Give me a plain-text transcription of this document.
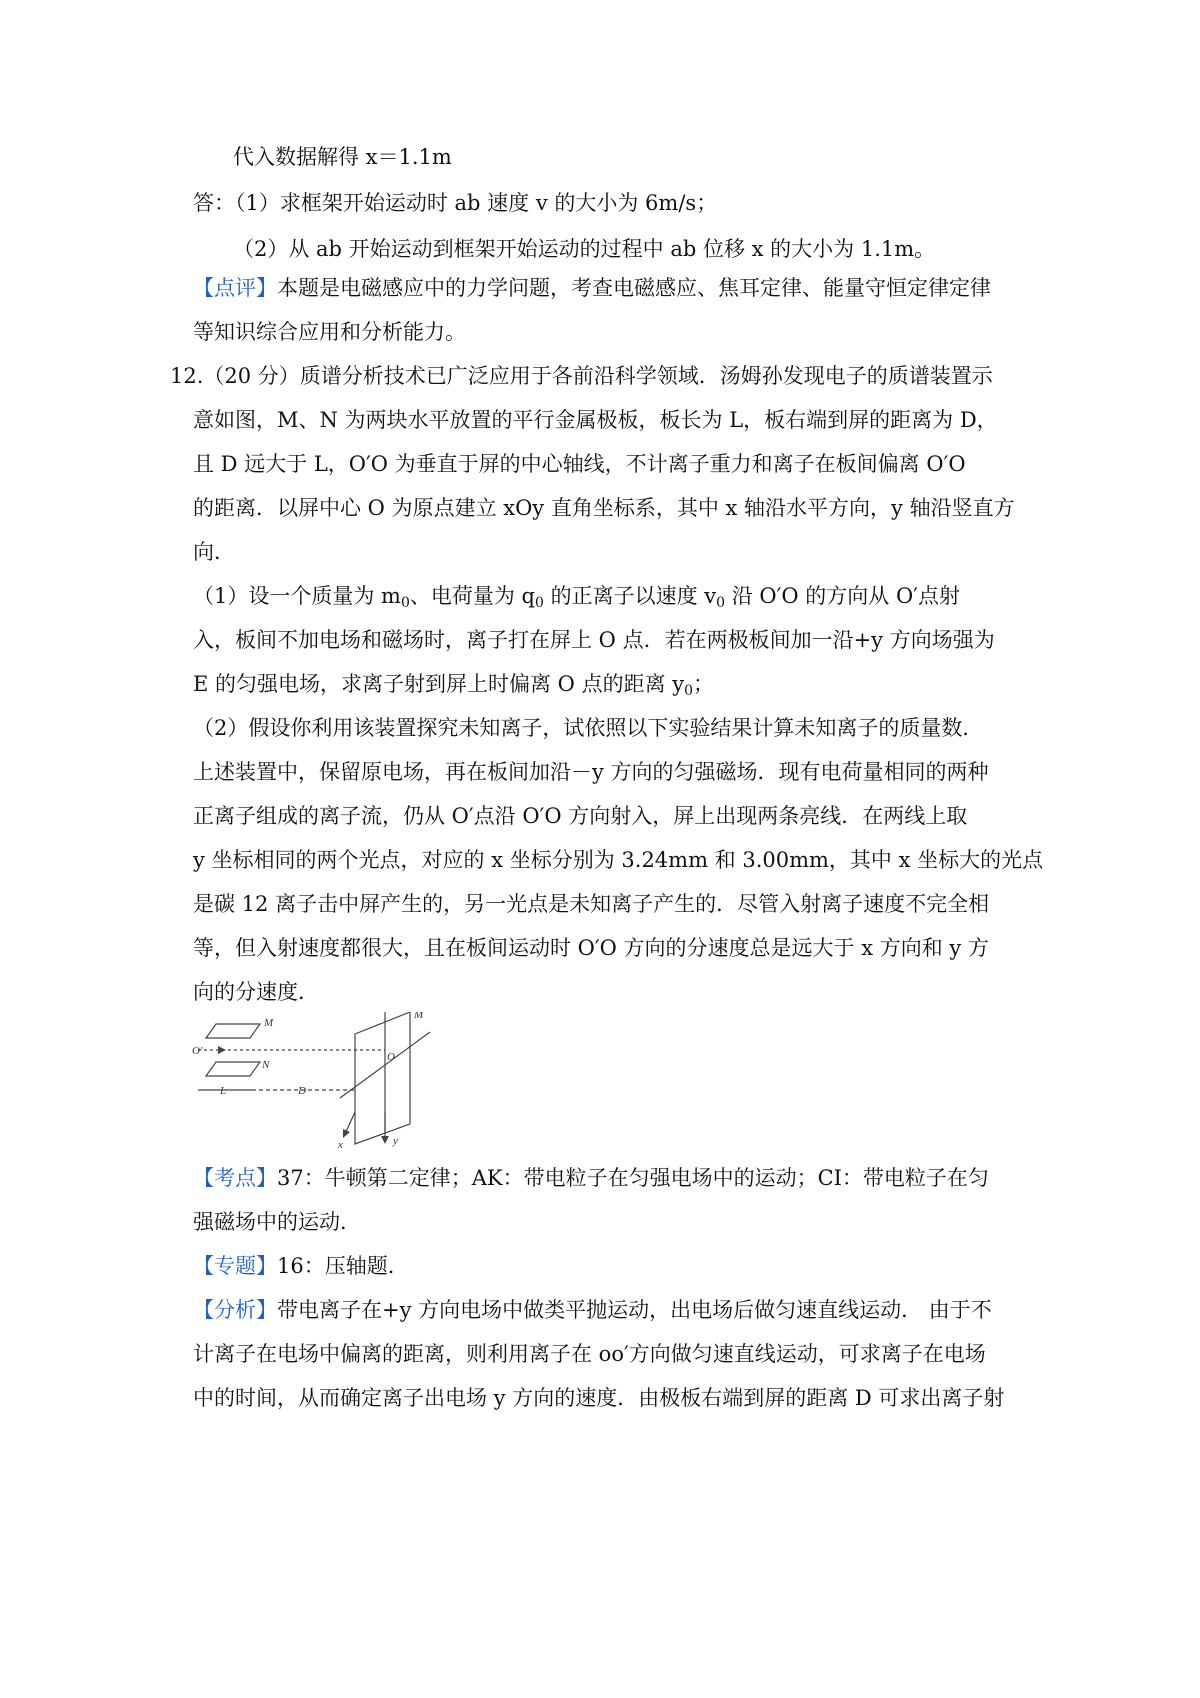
代入数据解得 x＝1.1m
答：（1）求框架开始运动时 ab 速度 v 的大小为 6m/s；
（2）从 ab 开始运动到框架开始运动的过程中 ab 位移 x 的大小为 1.1m。
【点评】本题是电磁感应中的力学问题，考查电磁感应、焦耳定律、能量守恒定律定律
等知识综合应用和分析能力。
12.（20 分）质谱分析技术已广泛应用于各前沿科学领域．汤姆孙发现电子的质谱装置示
意如图，M、N 为两块水平放置的平行金属极板，板长为 L，板右端到屏的距离为 D，
且 D 远大于 L，O′O 为垂直于屏的中心轴线，不计离子重力和离子在板间偏离 O′O
的距离．以屏中心 O 为原点建立 xOy 直角坐标系，其中 x 轴沿水平方向，y 轴沿竖直方
向．
（1）设一个质量为 $m_0$、电荷量为 $q_0$ 的正离子以速度 $v_0$ 沿 O′O 的方向从 O′点射
入，板间不加电场和磁场时，离子打在屏上 O 点．若在两极板间加一沿+y 方向场强为
E 的匀强电场，求离子射到屏上时偏离 O 点的距离 $y_0$；
（2）假设你利用该装置探究未知离子，试依照以下实验结果计算未知离子的质量数．
上述装置中，保留原电场，再在板间加沿－y 方向的匀强磁场．现有电荷量相同的两种
正离子组成的离子流，仍从 O′点沿 O′O 方向射入，屏上出现两条亮线．在两线上取
y 坐标相同的两个光点，对应的 x 坐标分别为 3.24mm 和 3.00mm，其中 x 坐标大的光点
是碳 12 离子击中屏产生的，另一光点是未知离子产生的．尽管入射离子速度不完全相
等，但入射速度都很大，且在板间运动时 O′O 方向的分速度总是远大于 x 方向和 y 方
向的分速度．
M
N
O′
L	D
O
M
x	y
【考点】37：牛顿第二定律；AK：带电粒子在匀强电场中的运动；CI：带电粒子在匀
强磁场中的运动．
【专题】16：压轴题．
【分析】带电离子在+y 方向电场中做类平抛运动，出电场后做匀速直线运动． 由于不
计离子在电场中偏离的距离，则利用离子在 oo′方向做匀速直线运动，可求离子在电场
中的时间，从而确定离子出电场 y 方向的速度．由极板右端到屏的距离 D 可求出离子射
